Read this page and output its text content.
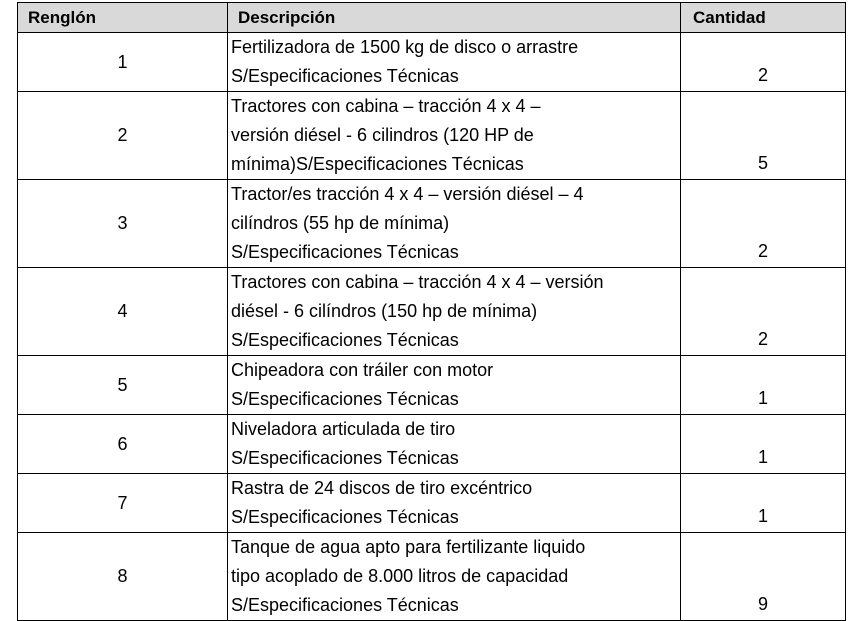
Renglón	Descripción	Cantidad
1	Fertilizadora de 1500 kg de disco o arrastre
S/Especificaciones Técnicas	2
2	Tractores con cabina – tracción 4 x 4 –
versión diésel - 6 cilindros (120 HP de
mínima)S/Especificaciones Técnicas	5
3	Tractor/es tracción 4 x 4 – versión diésel – 4
cilíndros (55 hp de mínima)
S/Especificaciones Técnicas	2
4	Tractores con cabina – tracción 4 x 4 – versión
diésel - 6 cilíndros (150 hp de mínima)
S/Especificaciones Técnicas	2
5	Chipeadora con tráiler con motor
S/Especificaciones Técnicas	1
6	Niveladora articulada de tiro
S/Especificaciones Técnicas	1
7	Rastra de 24 discos de tiro excéntrico
S/Especificaciones Técnicas	1
8	Tanque de agua apto para fertilizante liquido
tipo acoplado de 8.000 litros de capacidad
S/Especificaciones Técnicas	9
